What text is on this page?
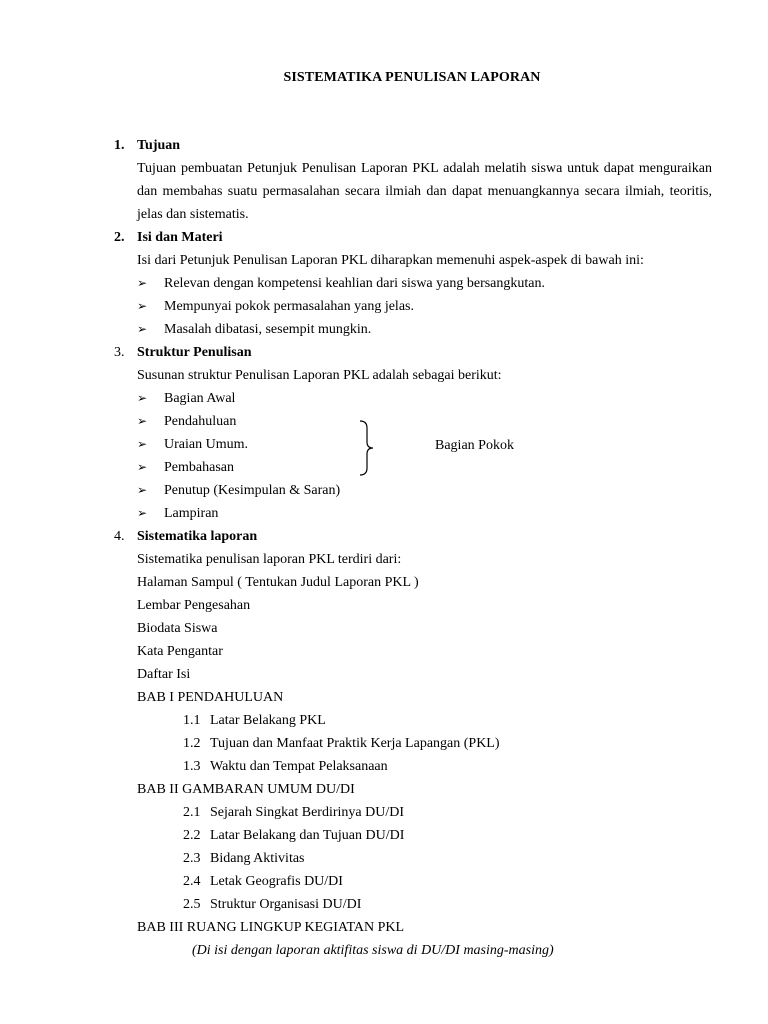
SISTEMATIKA PENULISAN LAPORAN
1. Tujuan
Tujuan pembuatan Petunjuk Penulisan Laporan PKL adalah melatih siswa untuk dapat menguraikan
dan membahas suatu permasalahan secara ilmiah dan dapat menuangkannya secara ilmiah, teoritis,
jelas dan sistematis.
2. Isi dan Materi
Isi dari Petunjuk Penulisan Laporan PKL diharapkan memenuhi aspek-aspek di bawah ini:
➢ Relevan dengan kompetensi keahlian dari siswa yang bersangkutan.
➢ Mempunyai pokok permasalahan yang jelas.
➢ Masalah dibatasi, sesempit mungkin.
3. Struktur Penulisan
Susunan struktur Penulisan Laporan PKL adalah sebagai berikut:
➢ Bagian Awal
➢ Pendahuluan
➢ Uraian Umum.
➢ Pembahasan
➢ Penutup (Kesimpulan & Saran)
➢ Lampiran
4. Sistematika laporan
Sistematika penulisan laporan PKL terdiri dari:
Halaman Sampul ( Tentukan Judul Laporan PKL )
Lembar Pengesahan
Biodata Siswa
Kata Pengantar
Daftar Isi
BAB I PENDAHULUAN
1.1 Latar Belakang PKL
1.2 Tujuan dan Manfaat Praktik Kerja Lapangan (PKL)
1.3 Waktu dan Tempat Pelaksanaan
BAB II GAMBARAN UMUM DU/DI
2.1 Sejarah Singkat Berdirinya DU/DI
2.2 Latar Belakang dan Tujuan DU/DI
2.3 Bidang Aktivitas
2.4 Letak Geografis DU/DI
2.5 Struktur Organisasi DU/DI
BAB III RUANG LINGKUP KEGIATAN PKL
(Di isi dengan laporan aktifitas siswa di DU/DI masing-masing)
Bagian Pokok
